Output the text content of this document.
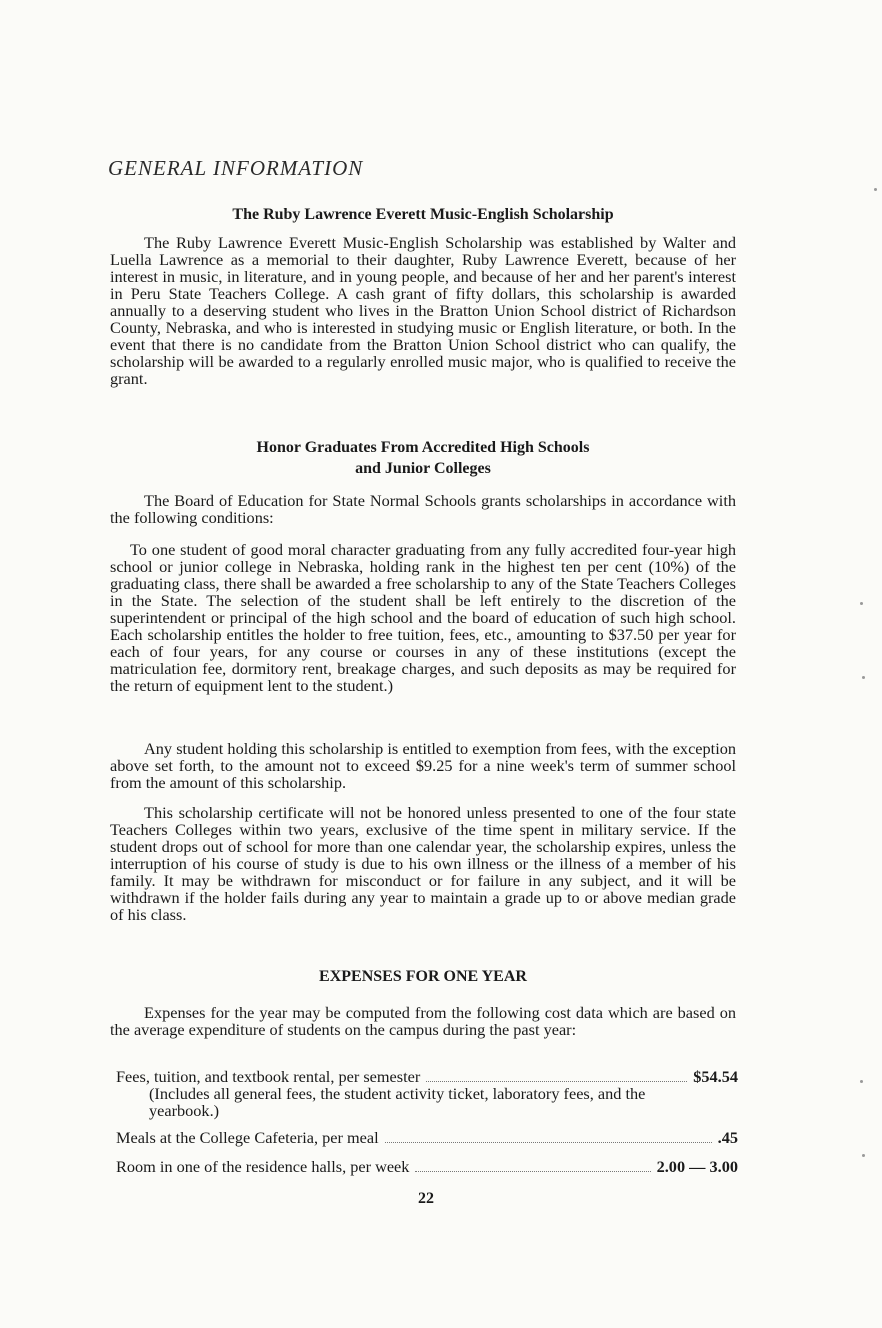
GENERAL INFORMATION
The Ruby Lawrence Everett Music-English Scholarship

The Ruby Lawrence Everett Music-English Scholarship was established by Walter and Luella Lawrence as a memorial to their daughter, Ruby Lawrence Everett, because of her interest in music, in literature, and in young people, and because of her and her parent's interest in Peru State Teachers College. A cash grant of fifty dollars, this scholarship is awarded annually to a deserving student who lives in the Bratton Union School district of Richardson County, Nebraska, and who is interested in studying music or English literature, or both. In the event that there is no candidate from the Bratton Union School district who can qualify, the scholarship will be awarded to a regularly enrolled music major, who is qualified to receive the grant.

Honor Graduates From Accredited High Schools
and Junior Colleges

The Board of Education for State Normal Schools grants scholarships in accordance with the following conditions:

To one student of good moral character graduating from any fully accredited four-year high school or junior college in Nebraska, holding rank in the highest ten per cent (10%) of the graduating class, there shall be awarded a free scholarship to any of the State Teachers Colleges in the State. The selection of the student shall be left entirely to the discretion of the superintendent or principal of the high school and the board of education of such high school. Each scholarship entitles the holder to free tuition, fees, etc., amounting to $37.50 per year for each of four years, for any course or courses in any of these institutions (except the matriculation fee, dormitory rent, breakage charges, and such deposits as may be required for the return of equipment lent to the student.)

Any student holding this scholarship is entitled to exemption from fees, with the exception above set forth, to the amount not to exceed $9.25 for a nine week's term of summer school from the amount of this scholarship.

This scholarship certificate will not be honored unless presented to one of the four state Teachers Colleges within two years, exclusive of the time spent in military service. If the student drops out of school for more than one calendar year, the scholarship expires, unless the interruption of his course of study is due to his own illness or the illness of a member of his family. It may be withdrawn for misconduct or for failure in any subject, and it will be withdrawn if the holder fails during any year to maintain a grade up to or above median grade of his class.

EXPENSES FOR ONE YEAR

Expenses for the year may be computed from the following cost data which are based on the average expenditure of students on the campus during the past year:

Fees, tuition, and textbook rental, per semester	$54.54
(Includes all general fees, the student activity ticket, laboratory fees, and the yearbook.)
Meals at the College Cafeteria, per meal	.45
Room in one of the residence halls, per week	2.00 — 3.00
22
